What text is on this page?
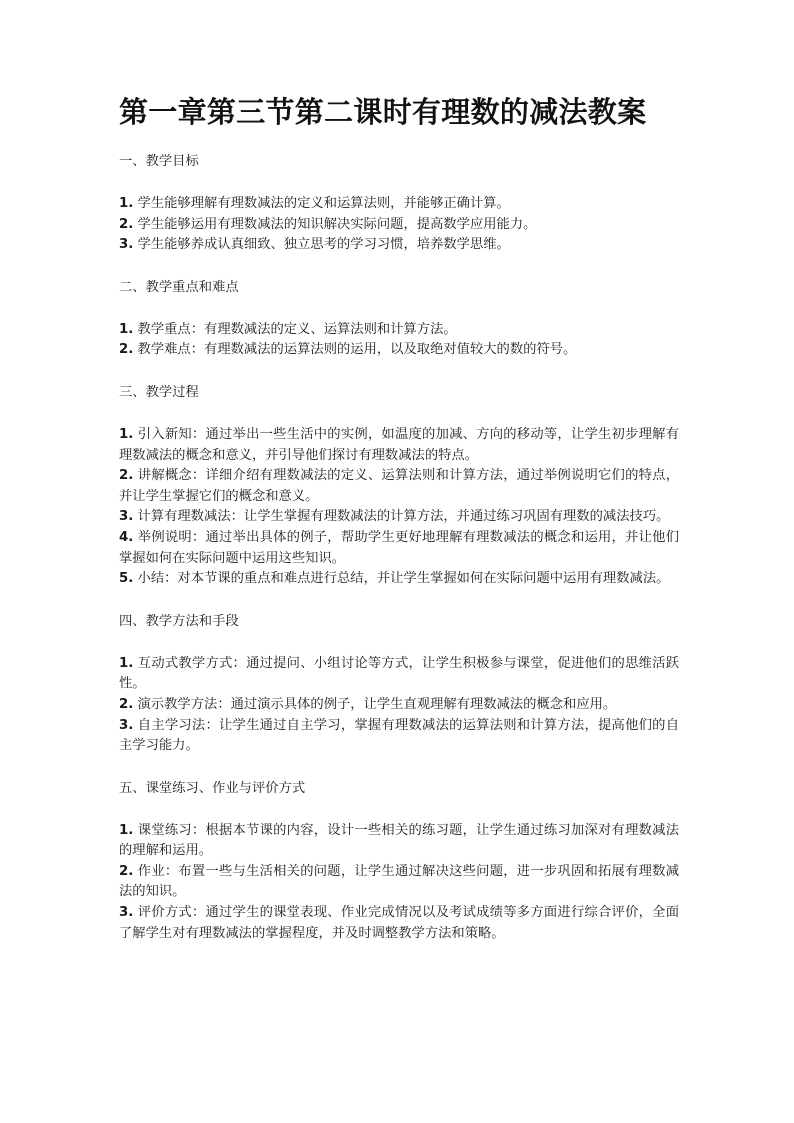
第一章第三节第二课时有理数的减法教案
一、教学目标
1. 学生能够理解有理数减法的定义和运算法则，并能够正确计算。
2. 学生能够运用有理数减法的知识解决实际问题，提高数学应用能力。
3. 学生能够养成认真细致、独立思考的学习习惯，培养数学思维。
二、教学重点和难点
1. 教学重点：有理数减法的定义、运算法则和计算方法。
2. 教学难点：有理数减法的运算法则的运用，以及取绝对值较大的数的符号。
三、教学过程
1. 引入新知：通过举出一些生活中的实例，如温度的加减、方向的移动等，让学生初步理解有理数减法的概念和意义，并引导他们探讨有理数减法的特点。
2. 讲解概念：详细介绍有理数减法的定义、运算法则和计算方法，通过举例说明它们的特点，并让学生掌握它们的概念和意义。
3. 计算有理数减法：让学生掌握有理数减法的计算方法，并通过练习巩固有理数的减法技巧。
4. 举例说明：通过举出具体的例子，帮助学生更好地理解有理数减法的概念和运用，并让他们掌握如何在实际问题中运用这些知识。
5. 小结：对本节课的重点和难点进行总结，并让学生掌握如何在实际问题中运用有理数减法。
四、教学方法和手段
1. 互动式教学方式：通过提问、小组讨论等方式，让学生积极参与课堂，促进他们的思维活跃性。
2. 演示教学方法：通过演示具体的例子，让学生直观理解有理数减法的概念和应用。
3. 自主学习法：让学生通过自主学习，掌握有理数减法的运算法则和计算方法，提高他们的自主学习能力。
五、课堂练习、作业与评价方式
1. 课堂练习：根据本节课的内容，设计一些相关的练习题，让学生通过练习加深对有理数减法的理解和运用。
2. 作业：布置一些与生活相关的问题，让学生通过解决这些问题，进一步巩固和拓展有理数减法的知识。
3. 评价方式：通过学生的课堂表现、作业完成情况以及考试成绩等多方面进行综合评价，全面了解学生对有理数减法的掌握程度，并及时调整教学方法和策略。
